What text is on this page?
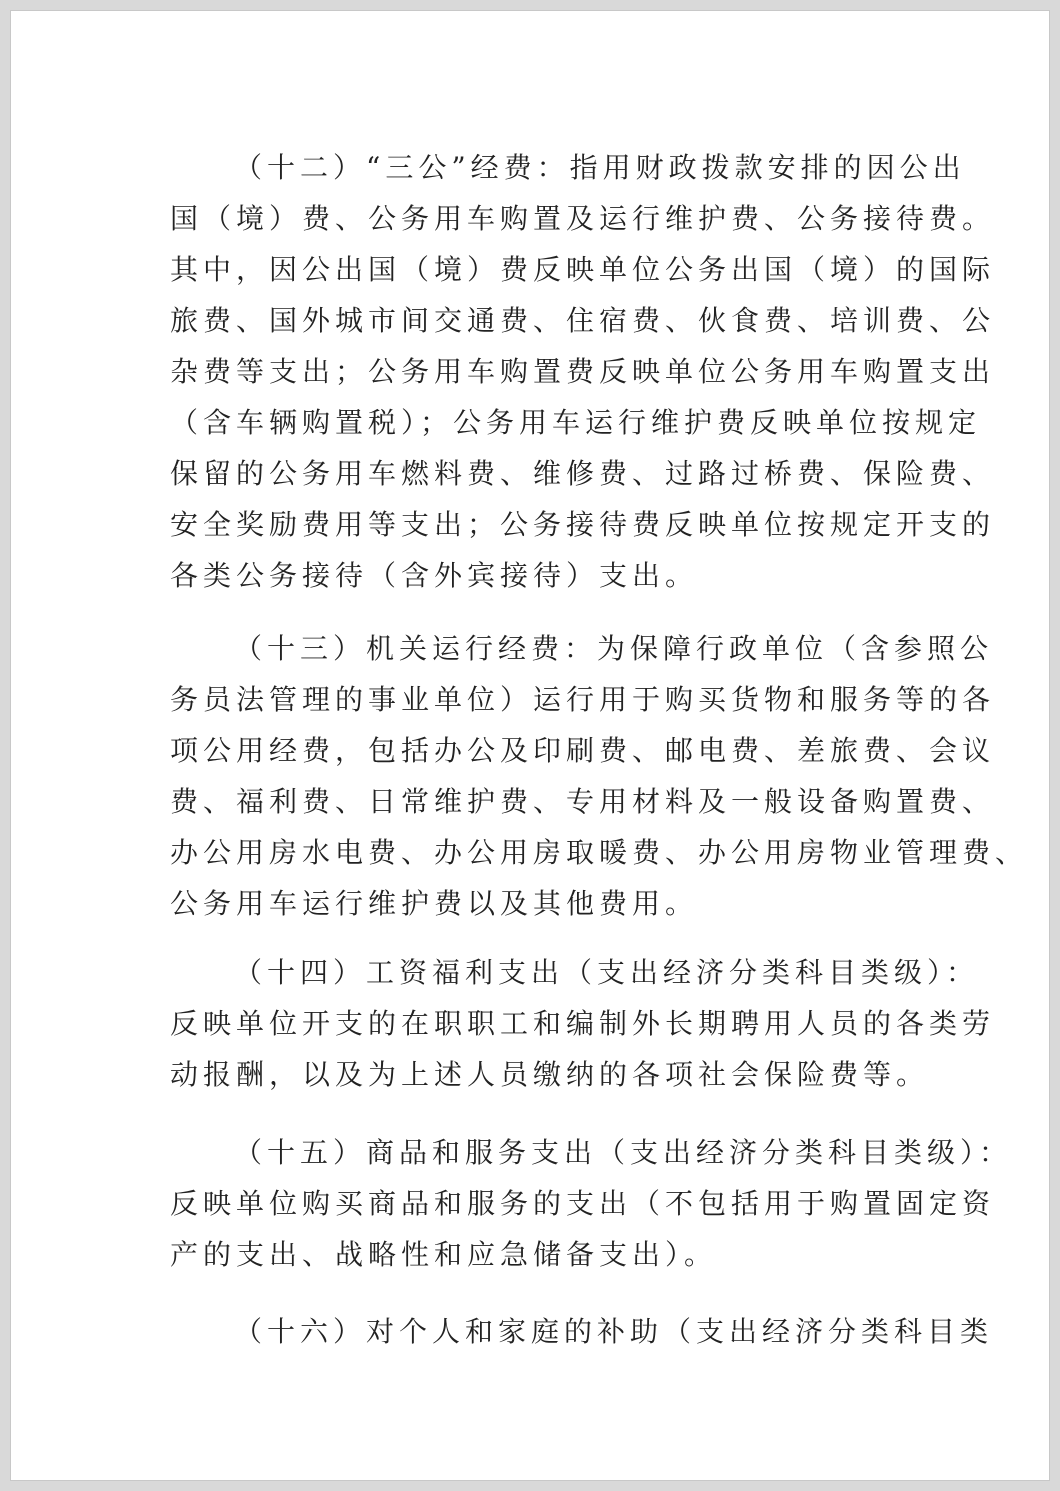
（十二）“三公”经费：指用财政拨款安排的因公出
国（境）费、公务用车购置及运行维护费、公务接待费。
其中，因公出国（境）费反映单位公务出国（境）的国际
旅费、国外城市间交通费、住宿费、伙食费、培训费、公
杂费等支出；公务用车购置费反映单位公务用车购置支出
（含车辆购置税）；公务用车运行维护费反映单位按规定
保留的公务用车燃料费、维修费、过路过桥费、保险费、
安全奖励费用等支出；公务接待费反映单位按规定开支的
各类公务接待（含外宾接待）支出。
（十三）机关运行经费：为保障行政单位（含参照公
务员法管理的事业单位）运行用于购买货物和服务等的各
项公用经费，包括办公及印刷费、邮电费、差旅费、会议
费、福利费、日常维护费、专用材料及一般设备购置费、
办公用房水电费、办公用房取暖费、办公用房物业管理费、
公务用车运行维护费以及其他费用。
（十四）工资福利支出（支出经济分类科目类级）：
反映单位开支的在职职工和编制外长期聘用人员的各类劳
动报酬，以及为上述人员缴纳的各项社会保险费等。
（十五）商品和服务支出（支出经济分类科目类级）：
反映单位购买商品和服务的支出（不包括用于购置固定资
产的支出、战略性和应急储备支出）。
（十六）对个人和家庭的补助（支出经济分类科目类
